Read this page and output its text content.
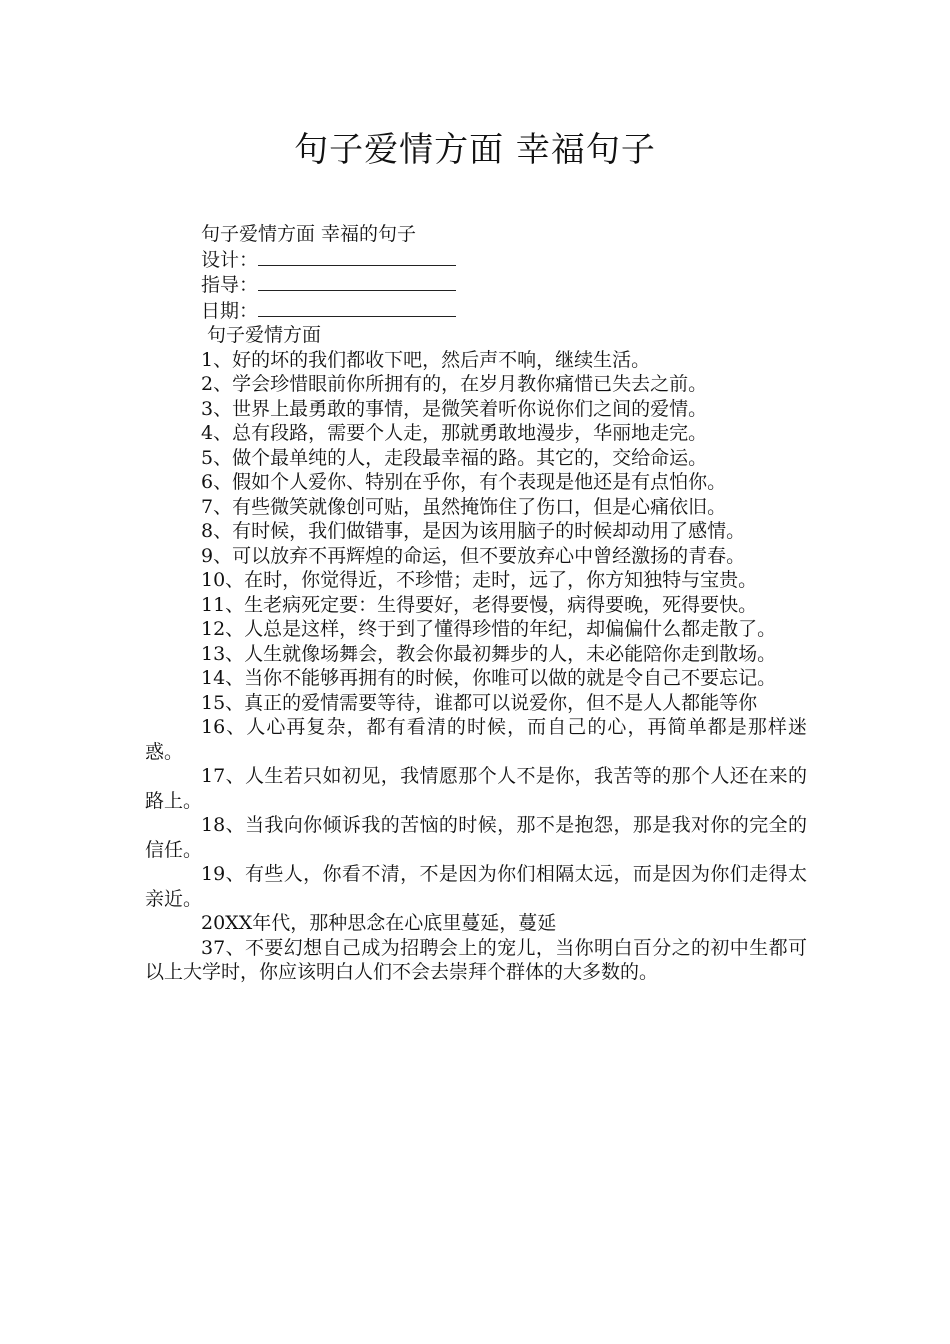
句子爱情方面 幸福句子
句子爱情方面 幸福的句子
设计：
指导：
日期：
句子爱情方面
1、好的坏的我们都收下吧，然后声不响，继续生活。
2、学会珍惜眼前你所拥有的，在岁月教你痛惜已失去之前。
3、世界上最勇敢的事情，是微笑着听你说你们之间的爱情。
4、总有段路，需要个人走，那就勇敢地漫步，华丽地走完。
5、做个最单纯的人，走段最幸福的路。其它的，交给命运。
6、假如个人爱你、特别在乎你，有个表现是他还是有点怕你。
7、有些微笑就像创可贴，虽然掩饰住了伤口，但是心痛依旧。
8、有时候，我们做错事，是因为该用脑子的时候却动用了感情。
9、可以放弃不再辉煌的命运，但不要放弃心中曾经激扬的青春。
10、在时，你觉得近，不珍惜；走时，远了，你方知独特与宝贵。
11、生老病死定要：生得要好，老得要慢，病得要晚，死得要快。
12、人总是这样，终于到了懂得珍惜的年纪，却偏偏什么都走散了。
13、人生就像场舞会，教会你最初舞步的人，未必能陪你走到散场。
14、当你不能够再拥有的时候，你唯可以做的就是令自己不要忘记。
15、真正的爱情需要等待，谁都可以说爱你，但不是人人都能等你
16、人心再复杂，都有看清的时候，而自己的心，再简单都是那样迷惑。
17、人生若只如初见，我情愿那个人不是你，我苦等的那个人还在来的路上。
18、当我向你倾诉我的苦恼的时候，那不是抱怨，那是我对你的完全的信任。
19、有些人，你看不清，不是因为你们相隔太远，而是因为你们走得太亲近。
20XX年代，那种思念在心底里蔓延，蔓延
37、不要幻想自己成为招聘会上的宠儿，当你明白百分之的初中生都可以上大学时，你应该明白人们不会去崇拜个群体的大多数的。
